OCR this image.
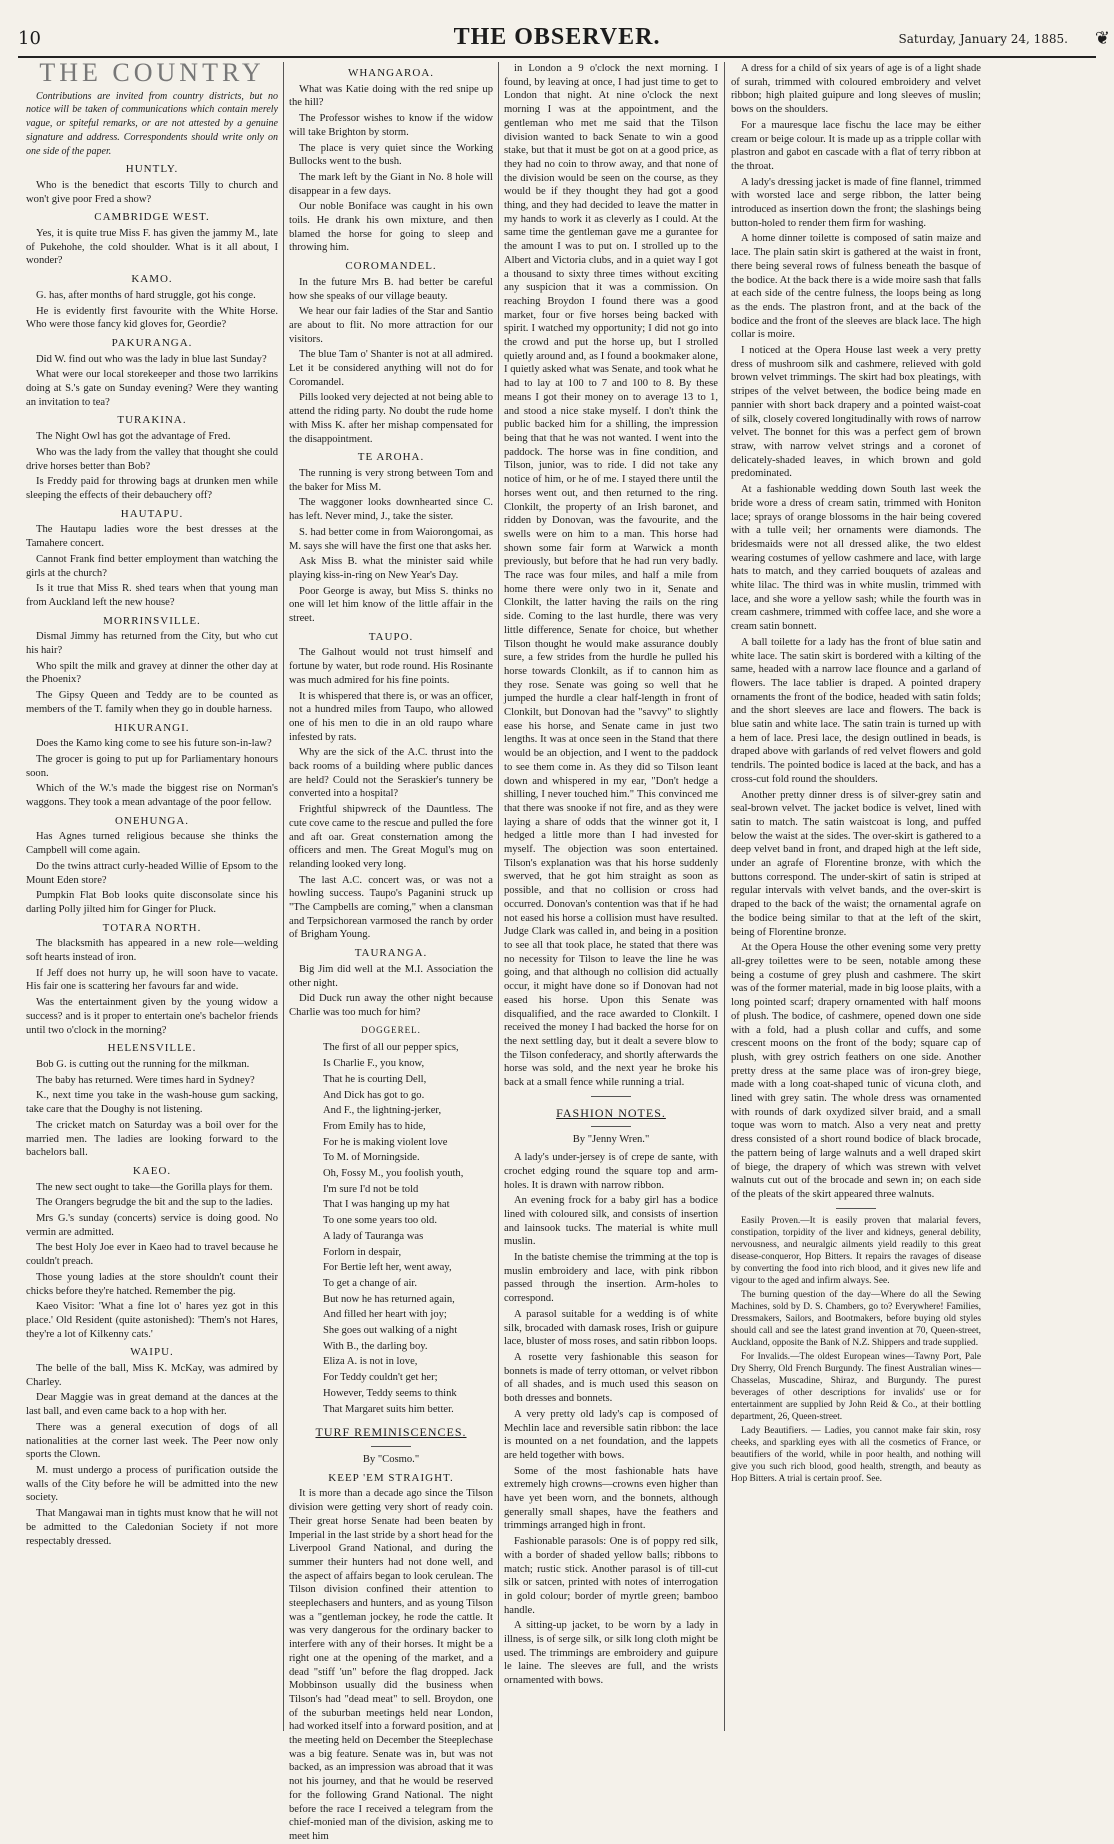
10	THE OBSERVER.	Saturday, January 24, 1885. ❦
THE COUNTRY

Contributions are invited from country districts, but no notice will be taken of communications which contain merely vague, or spiteful remarks, or are not attested by a genuine signature and address. Correspondents should write only on one side of the paper.

HUNTLY.

Who is the benedict that escorts Tilly to church and won't give poor Fred a show?

CAMBRIDGE WEST.

Yes, it is quite true Miss F. has given the jammy M., late of Pukehohe, the cold shoulder. What is it all about, I wonder?

KAMO.

G. has, after months of hard struggle, got his conge.

He is evidently first favourite with the White Horse. Who were those fancy kid gloves for, Geordie?

PAKURANGA.

Did W. find out who was the lady in blue last Sunday?

What were our local storekeeper and those two larrikins doing at S.'s gate on Sunday evening? Were they wanting an invitation to tea?

TURAKINA.

The Night Owl has got the advantage of Fred.

Who was the lady from the valley that thought she could drive horses better than Bob?

Is Freddy paid for throwing bags at drunken men while sleeping the effects of their debauchery off?

HAUTAPU.

The Hautapu ladies wore the best dresses at the Tamahere concert.

Cannot Frank find better employment than watching the girls at the church?

Is it true that Miss R. shed tears when that young man from Auckland left the new house?

MORRINSVILLE.

Dismal Jimmy has returned from the City, but who cut his hair?

Who spilt the milk and gravey at dinner the other day at the Phoenix?

The Gipsy Queen and Teddy are to be counted as members of the T. family when they go in double harness.

HIKURANGI.

Does the Kamo king come to see his future son-in-law?

The grocer is going to put up for Parliamentary honours soon.

Which of the W.'s made the biggest rise on Norman's waggons. They took a mean advantage of the poor fellow.

ONEHUNGA.

Has Agnes turned religious because she thinks the Campbell will come again.

Do the twins attract curly-headed Willie of Epsom to the Mount Eden store?

Pumpkin Flat Bob looks quite disconsolate since his darling Polly jilted him for Ginger for Pluck.

TOTARA NORTH.

The blacksmith has appeared in a new role—welding soft hearts instead of iron.

If Jeff does not hurry up, he will soon have to vacate. His fair one is scattering her favours far and wide.

Was the entertainment given by the young widow a success? and is it proper to entertain one's bachelor friends until two o'clock in the morning?

HELENSVILLE.

Bob G. is cutting out the running for the milkman.

The baby has returned. Were times hard in Sydney?

K., next time you take in the wash-house gum sacking, take care that the Doughy is not listening.

The cricket match on Saturday was a boil over for the married men. The ladies are looking forward to the bachelors ball.

KAEO.

The new sect ought to take—the Gorilla plays for them.

The Orangers begrudge the bit and the sup to the ladies.

Mrs G.'s sunday (concerts) service is doing good. No vermin are admitted.

The best Holy Joe ever in Kaeo had to travel because he couldn't preach.

Those young ladies at the store shouldn't count their chicks before they're hatched. Remember the pig.

Kaeo Visitor: 'What a fine lot o' hares yez got in this place.' Old Resident (quite astonished): 'Them's not Hares, they're a lot of Kilkenny cats.'

WAIPU.

The belle of the ball, Miss K. McKay, was admired by Charley.

Dear Maggie was in great demand at the dances at the last ball, and even came back to a hop with her.

There was a general execution of dogs of all nationalities at the corner last week. The Peer now only sports the Clown.

M. must undergo a process of purification outside the walls of the City before he will be admitted into the new society.

That Mangawai man in tights must know that he will not be admitted to the Caledonian Society if not more respectably dressed.

WHANGAROA.

What was Katie doing with the red snipe up the hill?

The Professor wishes to know if the widow will take Brighton by storm.

The place is very quiet since the Working Bullocks went to the bush.

The mark left by the Giant in No. 8 hole will disappear in a few days.

Our noble Boniface was caught in his own toils. He drank his own mixture, and then blamed the horse for going to sleep and throwing him.

COROMANDEL.

In the future Mrs B. had better be careful how she speaks of our village beauty.

We hear our fair ladies of the Star and Santio are about to flit. No more attraction for our visitors.

The blue Tam o' Shanter is not at all admired. Let it be considered anything will not do for Coromandel.

Pills looked very dejected at not being able to attend the riding party. No doubt the rude home with Miss K. after her mishap compensated for the disappointment.

TE AROHA.

The running is very strong between Tom and the baker for Miss M.

The waggoner looks downhearted since C. has left. Never mind, J., take the sister.

S. had better come in from Waiorongomai, as M. says she will have the first one that asks her.

Ask Miss B. what the minister said while playing kiss-in-ring on New Year's Day.

Poor George is away, but Miss S. thinks no one will let him know of the little affair in the street.

TAUPO.

The Galhout would not trust himself and fortune by water, but rode round. His Rosinante was much admired for his fine points.

It is whispered that there is, or was an officer, not a hundred miles from Taupo, who allowed one of his men to die in an old raupo whare infested by rats.

Why are the sick of the A.C. thrust into the back rooms of a building where public dances are held? Could not the Seraskier's tunnery be converted into a hospital?

Frightful shipwreck of the Dauntless. The cute cove came to the rescue and pulled the fore and aft oar. Great consternation among the officers and men. The Great Mogul's mug on relanding looked very long.

The last A.C. concert was, or was not a howling success. Taupo's Paganini struck up "The Campbells are coming," when a clansman and Terpsichorean varmosed the ranch by order of Brigham Young.

TAURANGA.

Big Jim did well at the M.I. Association the other night.

Did Duck run away the other night because Charlie was too much for him?

DOGGEREL.

The first of all our pepper spics,

Is Charlie F., you know,

That he is courting Dell,

And Dick has got to go.

And F., the lightning-jerker,

From Emily has to hide,

For he is making violent love

To M. of Morningside.

Oh, Fossy M., you foolish youth,

I'm sure I'd not be told

That I was hanging up my hat

To one some years too old.

A lady of Tauranga was

Forlorn in despair,

For Bertie left her, went away,

To get a change of air.

But now he has returned again,

And filled her heart with joy;

She goes out walking of a night

With B., the darling boy.

Eliza A. is not in love,

For Teddy couldn't get her;

However, Teddy seems to think

That Margaret suits him better.

TURF REMINISCENCES.
By "Cosmo."
KEEP 'EM STRAIGHT.

It is more than a decade ago since the Tilson division were getting very short of ready coin. Their great horse Senate had been beaten by Imperial in the last stride by a short head for the Liverpool Grand National, and during the summer their hunters had not done well, and the aspect of affairs began to look cerulean. The Tilson division confined their attention to steeplechasers and hunters, and as young Tilson was a "gentleman jockey, he rode the cattle. It was very dangerous for the ordinary backer to interfere with any of their horses. It might be a right one at the opening of the market, and a dead "stiff 'un" before the flag dropped. Jack Mobbinson usually did the business when Tilson's had "dead meat" to sell. Broydon, one of the suburban meetings held near London, had worked itself into a forward position, and at the meeting held on December the Steeplechase was a big feature. Senate was in, but was not backed, as an impression was abroad that it was not his journey, and that he would be reserved for the following Grand National. The night before the race I received a telegram from the chief-monied man of the division, asking me to meet him

in London a 9 o'clock the next morning. I found, by leaving at once, I had just time to get to London that night. At nine o'clock the next morning I was at the appointment, and the gentleman who met me said that the Tilson division wanted to back Senate to win a good stake, but that it must be got on at a good price, as they had no coin to throw away, and that none of the division would be seen on the course, as they would be if they thought they had got a good thing, and they had decided to leave the matter in my hands to work it as cleverly as I could. At the same time the gentleman gave me a gurantee for the amount I was to put on. I strolled up to the Albert and Victoria clubs, and in a quiet way I got a thousand to sixty three times without exciting any suspicion that it was a commission. On reaching Broydon I found there was a good market, four or five horses being backed with spirit. I watched my opportunity; I did not go into the crowd and put the horse up, but I strolled quietly around and, as I found a bookmaker alone, I quietly asked what was Senate, and took what he had to lay at 100 to 7 and 100 to 8. By these means I got their money on to average 13 to 1, and stood a nice stake myself. I don't think the public backed him for a shilling, the impression being that that he was not wanted. I went into the paddock. The horse was in fine condition, and Tilson, junior, was to ride. I did not take any notice of him, or he of me. I stayed there until the horses went out, and then returned to the ring. Clonkilt, the property of an Irish baronet, and ridden by Donovan, was the favourite, and the swells were on him to a man. This horse had shown some fair form at Warwick a month previously, but before that he had run very badly. The race was four miles, and half a mile from home there were only two in it, Senate and Clonkilt, the latter having the rails on the ring side. Coming to the last hurdle, there was very little difference, Senate for choice, but whether Tilson thought he would make assurance doubly sure, a few strides from the hurdle he pulled his horse towards Clonkilt, as if to cannon him as they rose. Senate was going so well that he jumped the hurdle a clear half-length in front of Clonkilt, but Donovan had the "savvy" to slightly ease his horse, and Senate came in just two lengths. It was at once seen in the Stand that there would be an objection, and I went to the paddock to see them come in. As they did so Tilson leant down and whispered in my ear, "Don't hedge a shilling, I never touched him." This convinced me that there was snooke if not fire, and as they were laying a share of odds that the winner got it, I hedged a little more than I had invested for myself. The objection was soon entertained. Tilson's explanation was that his horse suddenly swerved, that he got him straight as soon as possible, and that no collision or cross had occurred. Donovan's contention was that if he had not eased his horse a collision must have resulted. Judge Clark was called in, and being in a position to see all that took place, he stated that there was no necessity for Tilson to leave the line he was going, and that although no collision did actually occur, it might have done so if Donovan had not eased his horse. Upon this Senate was disqualified, and the race awarded to Clonkilt. I received the money I had backed the horse for on the next settling day, but it dealt a severe blow to the Tilson confederacy, and shortly afterwards the horse was sold, and the next year he broke his back at a small fence while running a trial.

FASHION NOTES.
By "Jenny Wren."

A lady's under-jersey is of crepe de sante, with crochet edging round the square top and arm-holes. It is drawn with narrow ribbon.

An evening frock for a baby girl has a bodice lined with coloured silk, and consists of insertion and lainsook tucks. The material is white mull muslin.

In the batiste chemise the trimming at the top is muslin embroidery and lace, with pink ribbon passed through the insertion. Arm-holes to correspond.

A parasol suitable for a wedding is of white silk, brocaded with damask roses, Irish or guipure lace, bluster of moss roses, and satin ribbon loops.

A rosette very fashionable this season for bonnets is made of terry ottoman, or velvet ribbon of all shades, and is much used this season on both dresses and bonnets.

A very pretty old lady's cap is composed of Mechlin lace and reversible satin ribbon: the lace is mounted on a net foundation, and the lappets are held together with bows.

Some of the most fashionable hats have extremely high crowns—crowns even higher than have yet been worn, and the bonnets, although generally small shapes, have the feathers and trimmings arranged high in front.

Fashionable parasols: One is of poppy red silk, with a border of shaded yellow balls; ribbons to match; rustic stick. Another parasol is of till-cut silk or satcen, printed with notes of interrogation in gold colour; border of myrtle green; bamboo handle.

A sitting-up jacket, to be worn by a lady in illness, is of serge silk, or silk long cloth might be used. The trimmings are embroidery and guipure le laine. The sleeves are full, and the wrists ornamented with bows.

A dress for a child of six years of age is of a light shade of surah, trimmed with coloured embroidery and velvet ribbon; high plaited guipure and long sleeves of muslin; bows on the shoulders.

For a mauresque lace fischu the lace may be either cream or beige colour. It is made up as a tripple collar with plastron and gabot en cascade with a flat of terry ribbon at the throat.

A lady's dressing jacket is made of fine flannel, trimmed with worsted lace and serge ribbon, the latter being introduced as insertion down the front; the slashings being button-holed to render them firm for washing.

A home dinner toilette is composed of satin maize and lace. The plain satin skirt is gathered at the waist in front, there being several rows of fulness beneath the basque of the bodice. At the back there is a wide moire sash that falls at each side of the centre fulness, the loops being as long as the ends. The plastron front, and at the back of the bodice and the front of the sleeves are black lace. The high collar is moire.

I noticed at the Opera House last week a very pretty dress of mushroom silk and cashmere, relieved with gold brown velvet trimmings. The skirt had box pleatings, with stripes of the velvet between, the bodice being made en pannier with short back drapery and a pointed waist-coat of silk, closely covered longitudinally with rows of narrow velvet. The bonnet for this was a perfect gem of brown straw, with narrow velvet strings and a coronet of delicately-shaded leaves, in which brown and gold predominated.

At a fashionable wedding down South last week the bride wore a dress of cream satin, trimmed with Honiton lace; sprays of orange blossoms in the hair being covered with a tulle veil; her ornaments were diamonds. The bridesmaids were not all dressed alike, the two eldest wearing costumes of yellow cashmere and lace, with large hats to match, and they carried bouquets of azaleas and white lilac. The third was in white muslin, trimmed with lace, and she wore a yellow sash; while the fourth was in cream cashmere, trimmed with coffee lace, and she wore a cream satin bonnett.

A ball toilette for a lady has the front of blue satin and white lace. The satin skirt is bordered with a kilting of the same, headed with a narrow lace flounce and a garland of flowers. The lace tablier is draped. A pointed drapery ornaments the front of the bodice, headed with satin folds; and the short sleeves are lace and flowers. The back is blue satin and white lace. The satin train is turned up with a hem of lace. Presi lace, the design outlined in beads, is draped above with garlands of red velvet flowers and gold tendrils. The pointed bodice is laced at the back, and has a cross-cut fold round the shoulders.

Another pretty dinner dress is of silver-grey satin and seal-brown velvet. The jacket bodice is velvet, lined with satin to match. The satin waistcoat is long, and puffed below the waist at the sides. The over-skirt is gathered to a deep velvet band in front, and draped high at the left side, under an agrafe of Florentine bronze, with which the buttons correspond. The under-skirt of satin is striped at regular intervals with velvet bands, and the over-skirt is draped to the back of the waist; the ornamental agrafe on the bodice being similar to that at the left of the skirt, being of Florentine bronze.

At the Opera House the other evening some very pretty all-grey toilettes were to be seen, notable among these being a costume of grey plush and cashmere. The skirt was of the former material, made in big loose plaits, with a long pointed scarf; drapery ornamented with half moons of plush. The bodice, of cashmere, opened down one side with a fold, had a plush collar and cuffs, and some crescent moons on the front of the body; square cap of plush, with grey ostrich feathers on one side. Another pretty dress at the same place was of iron-grey biege, made with a long coat-shaped tunic of vicuna cloth, and lined with grey satin. The whole dress was ornamented with rounds of dark oxydized silver braid, and a small toque was worn to match. Also a very neat and pretty dress consisted of a short round bodice of black brocade, the pattern being of large walnuts and a well draped skirt of biege, the drapery of which was strewn with velvet walnuts cut out of the brocade and sewn in; on each side of the pleats of the skirt appeared three walnuts.

Easily Proven.—It is easily proven that malarial fevers, constipation, torpidity of the liver and kidneys, general debility, nervousness, and neuralgic ailments yield readily to this great disease-conqueror, Hop Bitters. It repairs the ravages of disease by converting the food into rich blood, and it gives new life and vigour to the aged and infirm always. See.

The burning question of the day—Where do all the Sewing Machines, sold by D. S. Chambers, go to? Everywhere! Families, Dressmakers, Sailors, and Bootmakers, before buying old styles should call and see the latest grand invention at 70, Queen-street, Auckland, opposite the Bank of N.Z. Shippers and trade supplied.

For Invalids.—The oldest European wines—Tawny Port, Pale Dry Sherry, Old French Burgundy. The finest Australian wines—Chasselas, Muscadine, Shiraz, and Burgundy. The purest beverages of other descriptions for invalids' use or for entertainment are supplied by John Reid & Co., at their bottling department, 26, Queen-street.

Lady Beautifiers. — Ladies, you cannot make fair skin, rosy cheeks, and sparkling eyes with all the cosmetics of France, or beautifiers of the world, while in poor health, and nothing will give you such rich blood, good health, strength, and beauty as Hop Bitters. A trial is certain proof. See.
